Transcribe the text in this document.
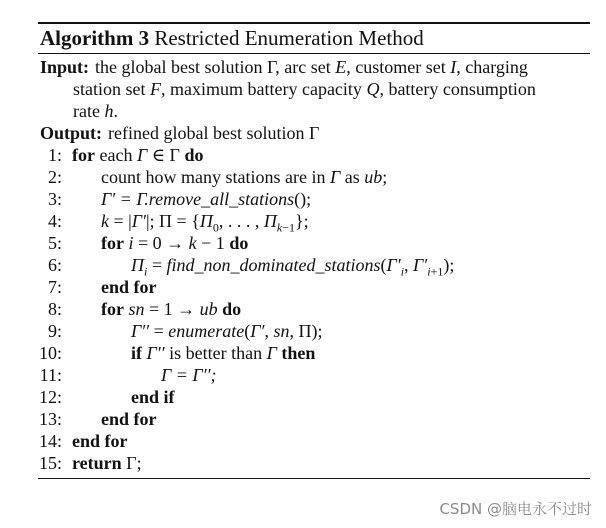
Algorithm 3 Restricted Enumeration Method
Input: the global best solution Γ, arc set E, customer set I, charging
station set F, maximum battery capacity Q, battery consumption
rate h.
Output: refined global best solution Γ
1: for each Γ ∈ Γ do
2: count how many stations are in Γ as ub;
3: Γ′ = Γ.remove_all_stations();
4: k = |Γ′|; $\Pi = \{\Pi_0$, . . . , $\Pi_{k-1}$};
5: for i = 0 → k − 1 do
6:	$\Pi_i$ = $find\_non\_dominated\_stations(\Gamma'_i$, $\Gamma'_{i+1}$);
7: end for
8: for sn = 1 → ub do
9:	Γ′′ = enumerate(Γ′, sn, Π);
10:	if Γ′′ is better than Γ then
11:	Γ = Γ′′;
12:	end if
13: end for
14: end for
15: return Γ;
CSDN @脑电永不过时
